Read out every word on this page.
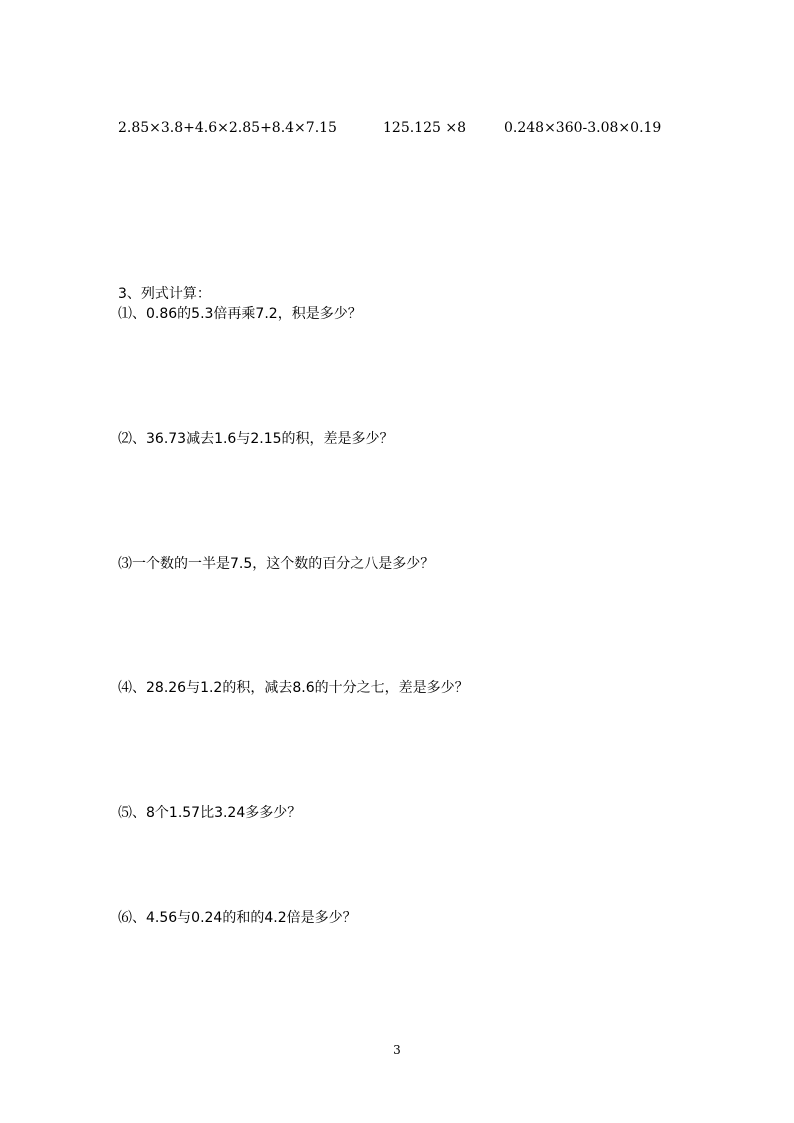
2.85×3.8+4.6×2.85+8.4×7.15	125.125 ×8	0.248×360-3.08×0.19
3、列式计算：
⑴、0.86的5.3倍再乘7.2，积是多少？
⑵、36.73减去1.6与2.15的积，差是多少？
⑶一个数的一半是7.5，这个数的百分之八是多少？
⑷、28.26与1.2的积，减去8.6的十分之七，差是多少？
⑸、8个1.57比3.24多多少？
⑹、4.56与0.24的和的4.2倍是多少？
3
